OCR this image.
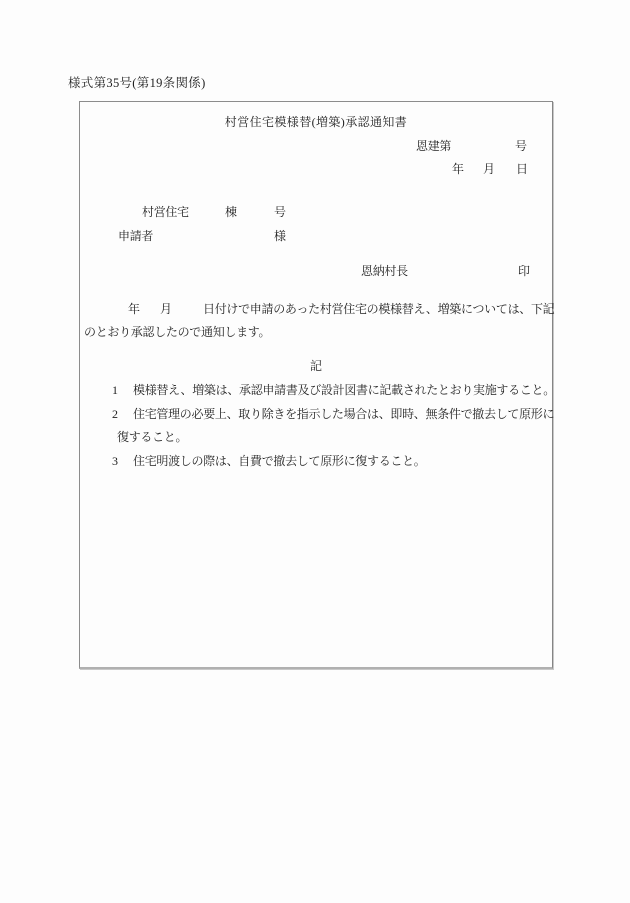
様式第35号(第19条関係)
村営住宅模様替(増築)承認通知書
恩建第	号
年 月 日
村営住宅	棟	号
申請者	様
恩納村長	印
年 月	日付けで申請のあった村営住宅の模様替え、増築については、下記
のとおり承認したので通知します。
記
1 模様替え、増築は、承認申請書及び設計図書に記載されたとおり実施すること。
2 住宅管理の必要上、取り除きを指示した場合は、即時、無条件で撤去して原形に
復すること。
3 住宅明渡しの際は、自費で撤去して原形に復すること。
